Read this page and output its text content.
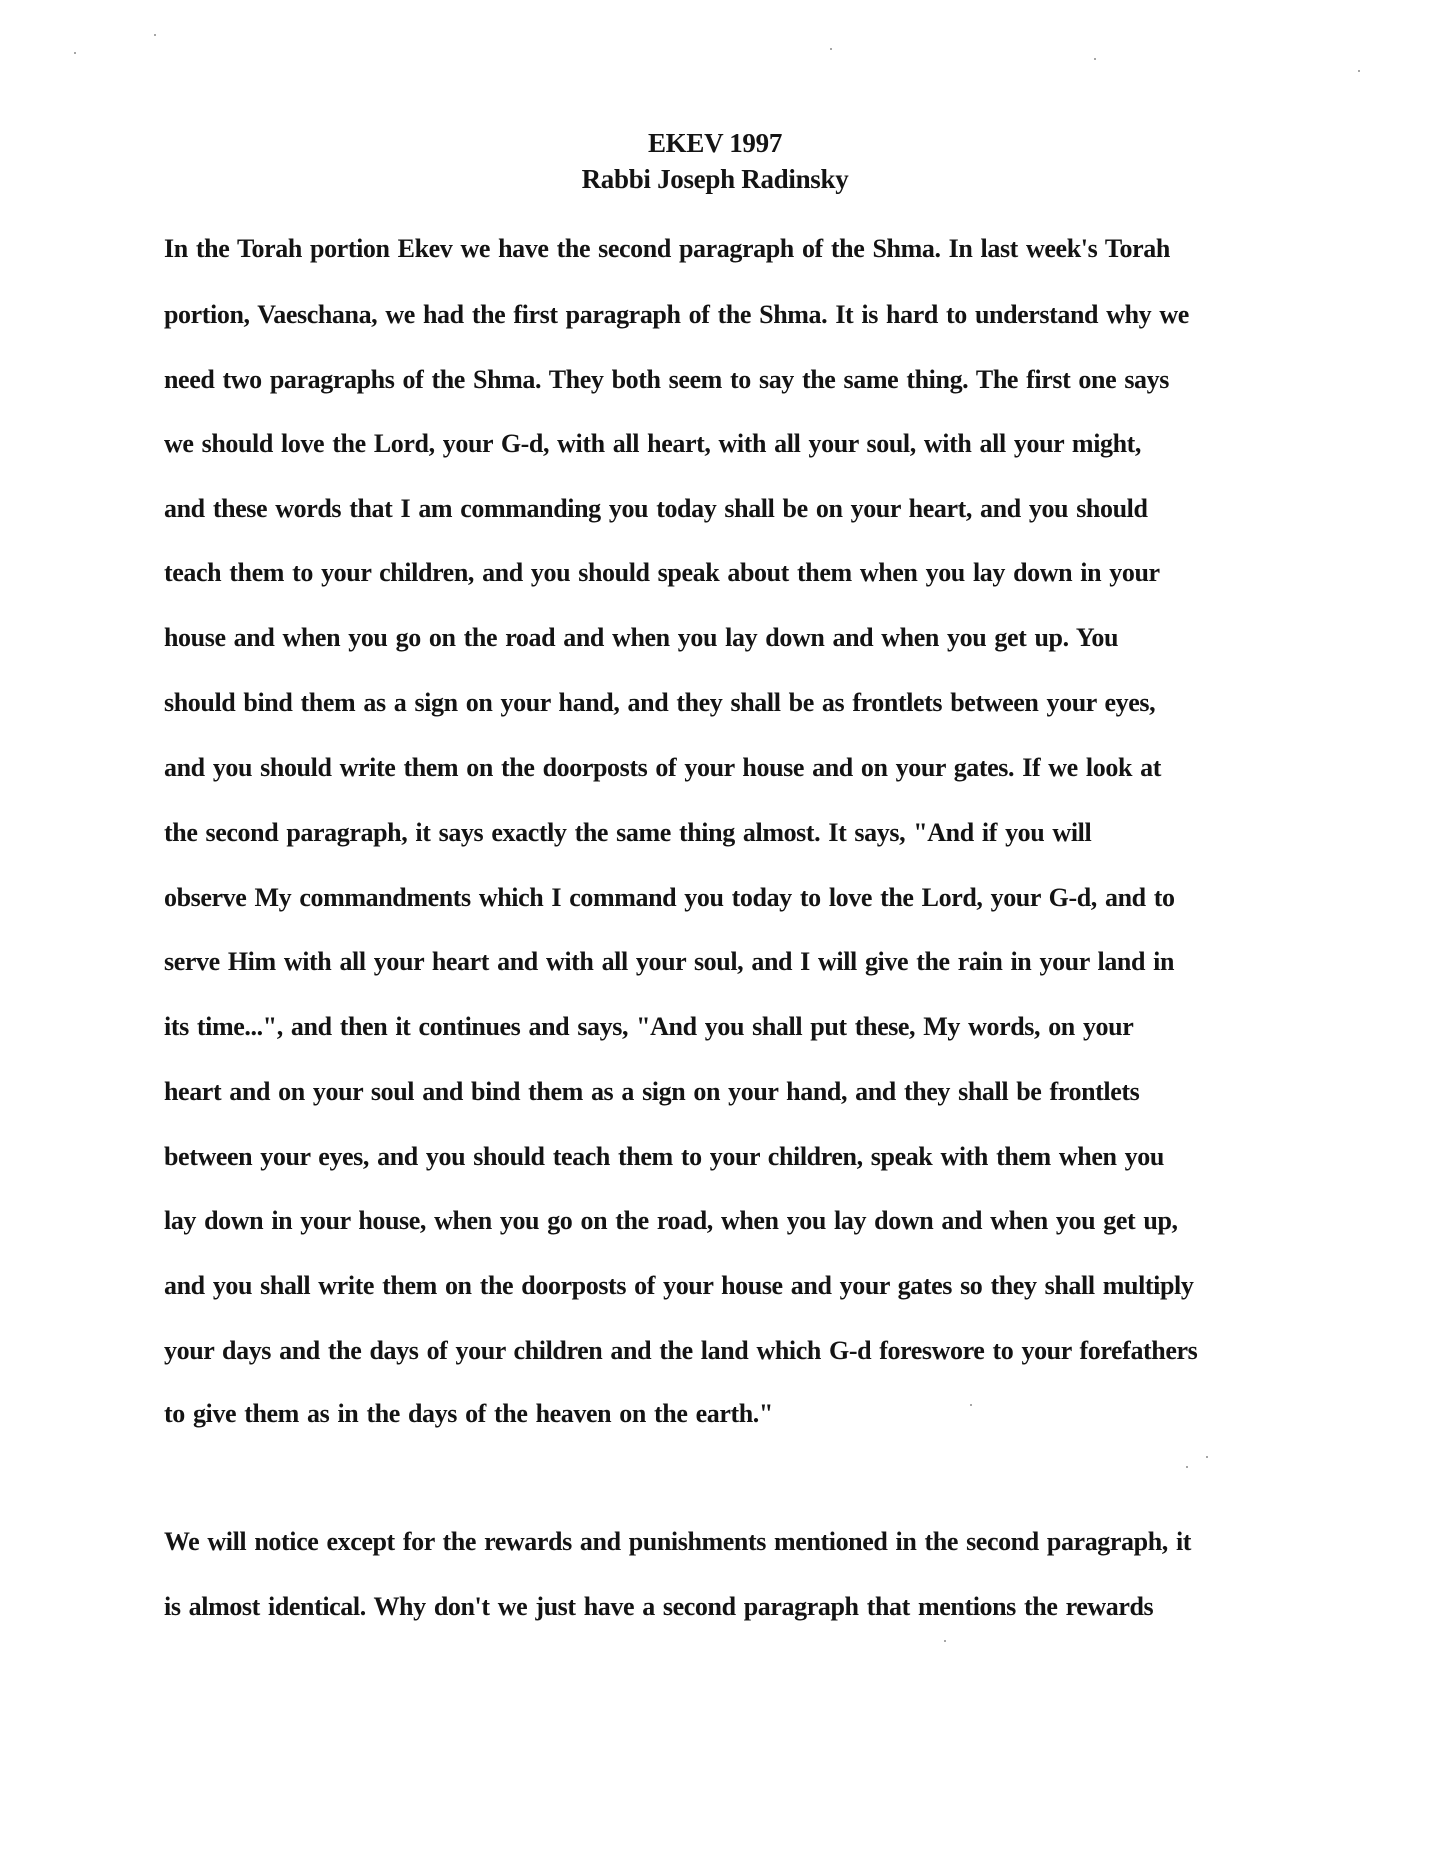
EKEV 1997
Rabbi Joseph Radinsky
In the Torah portion Ekev we have the second paragraph of the Shma. In last week's Torah
portion, Vaeschana, we had the first paragraph of the Shma. It is hard to understand why we
need two paragraphs of the Shma. They both seem to say the same thing. The first one says
we should love the Lord, your G-d, with all heart, with all your soul, with all your might,
and these words that I am commanding you today shall be on your heart, and you should
teach them to your children, and you should speak about them when you lay down in your
house and when you go on the road and when you lay down and when you get up. You
should bind them as a sign on your hand, and they shall be as frontlets between your eyes,
and you should write them on the doorposts of your house and on your gates. If we look at
the second paragraph, it says exactly the same thing almost. It says, "And if you will
observe My commandments which I command you today to love the Lord, your G-d, and to
serve Him with all your heart and with all your soul, and I will give the rain in your land in
its time...", and then it continues and says, "And you shall put these, My words, on your
heart and on your soul and bind them as a sign on your hand, and they shall be frontlets
between your eyes, and you should teach them to your children, speak with them when you
lay down in your house, when you go on the road, when you lay down and when you get up,
and you shall write them on the doorposts of your house and your gates so they shall multiply
your days and the days of your children and the land which G-d foreswore to your forefathers
to give them as in the days of the heaven on the earth."
We will notice except for the rewards and punishments mentioned in the second paragraph, it
is almost identical. Why don't we just have a second paragraph that mentions the rewards
